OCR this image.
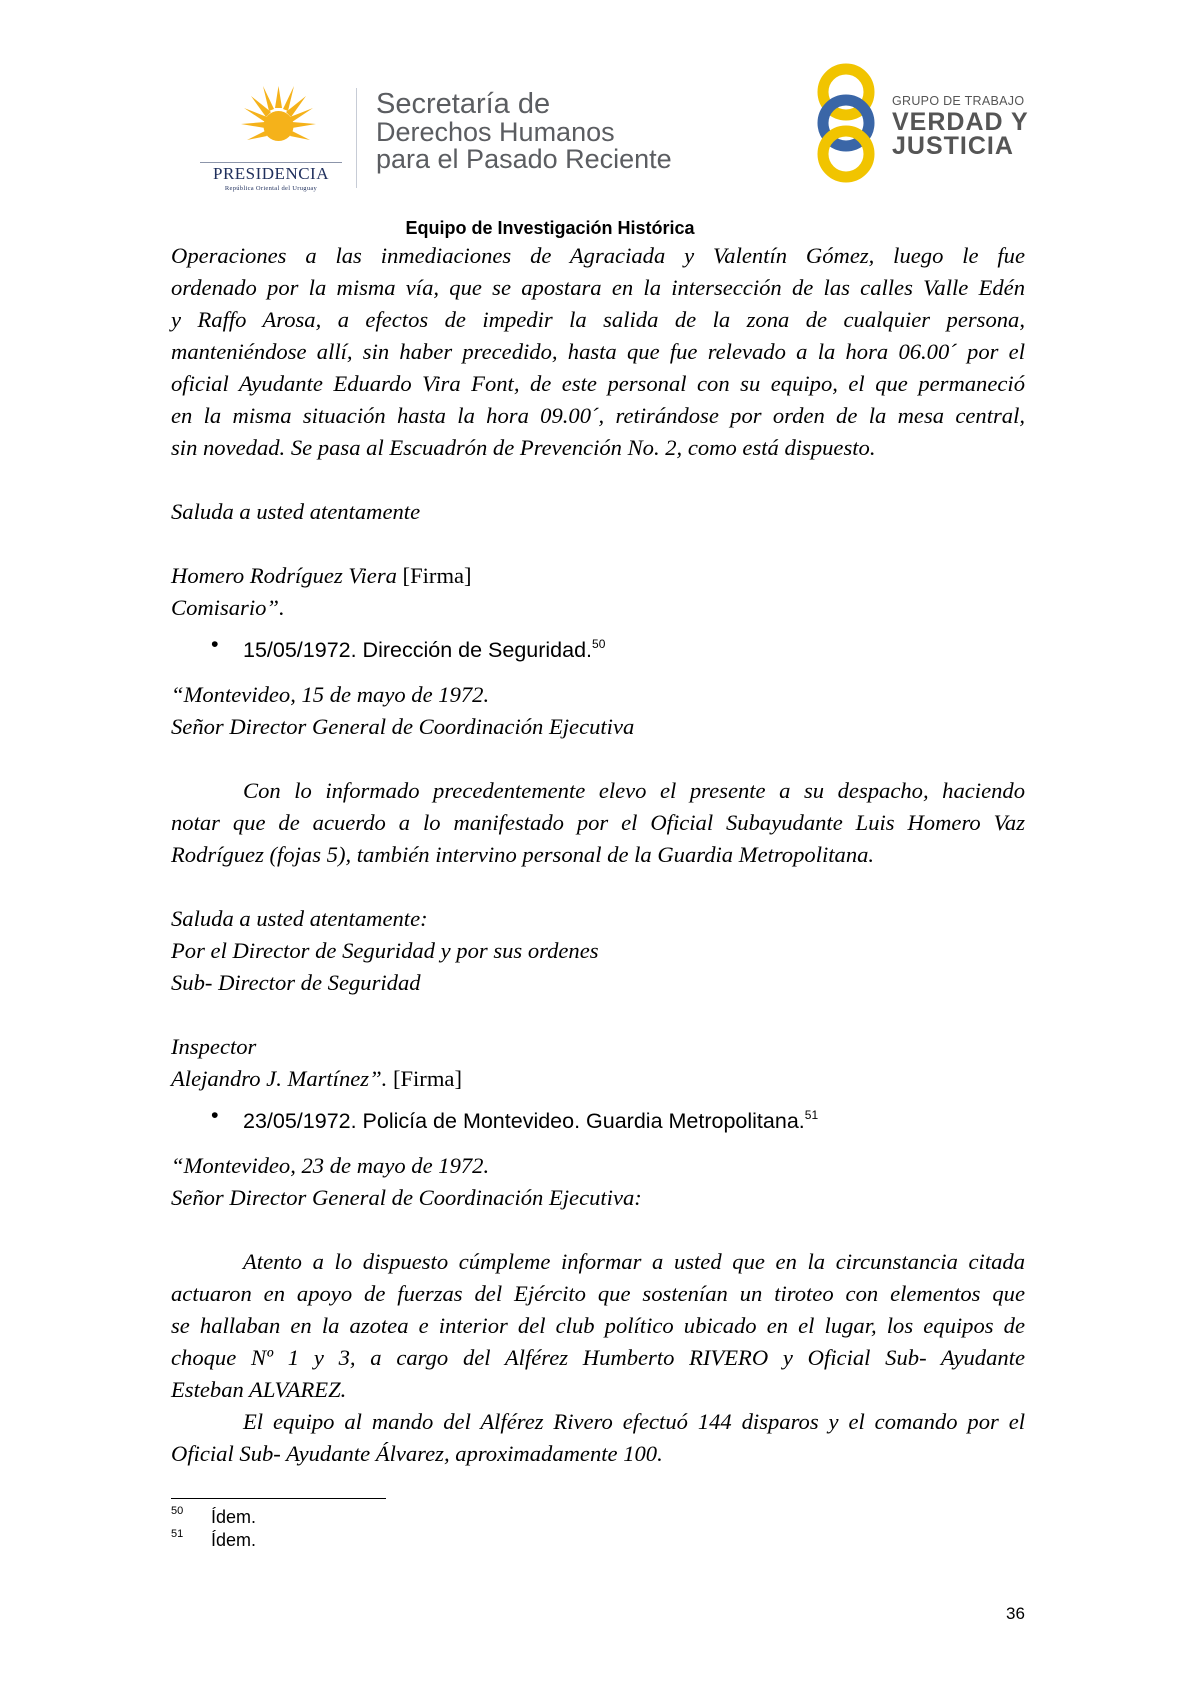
PRESIDENCIA
República Oriental del Uruguay
Secretaría de
Derechos Humanos
para el Pasado Reciente
GRUPO DE TRABAJO
VERDAD Y
JUSTICIA
Equipo de Investigación Histórica

Operaciones a las inmediaciones de Agraciada y Valentín Gómez, luego le fue

ordenado por la misma vía, que se apostara en la intersección de las calles Valle Edén

y Raffo Arosa, a efectos de impedir la salida de la zona de cualquier persona,

manteniéndose allí, sin haber precedido, hasta que fue relevado a la hora 06.00´ por el

oficial Ayudante Eduardo Vira Font, de este personal con su equipo, el que permaneció

en la misma situación hasta la hora 09.00´, retirándose por orden de la mesa central,

sin novedad. Se pasa al Escuadrón de Prevención No. 2, como está dispuesto.

Saluda a usted atentamente

Homero Rodríguez Viera [Firma]

Comisario”.

• 15/05/1972. Dirección de Seguridad.$^{50}$

“Montevideo, 15 de mayo de 1972.

Señor Director General de Coordinación Ejecutiva

Con lo informado precedentemente elevo el presente a su despacho, haciendo

notar que de acuerdo a lo manifestado por el Oficial Subayudante Luis Homero Vaz

Rodríguez (fojas 5), también intervino personal de la Guardia Metropolitana.

Saluda a usted atentamente:

Por el Director de Seguridad y por sus ordenes

Sub- Director de Seguridad

Inspector

Alejandro J. Martínez”. [Firma]

• 23/05/1972. Policía de Montevideo. Guardia Metropolitana.$^{51}$

“Montevideo, 23 de mayo de 1972.

Señor Director General de Coordinación Ejecutiva:

Atento a lo dispuesto cúmpleme informar a usted que en la circunstancia citada

actuaron en apoyo de fuerzas del Ejército que sostenían un tiroteo con elementos que

se hallaban en la azotea e interior del club político ubicado en el lugar, los equipos de

choque Nº 1 y 3, a cargo del Alférez Humberto RIVERO y Oficial Sub- Ayudante

Esteban ALVAREZ.

El equipo al mando del Alférez Rivero efectuó 144 disparos y el comando por el

Oficial Sub- Ayudante Álvarez, aproximadamente 100.

50 Ídem.
51 Ídem.
36
